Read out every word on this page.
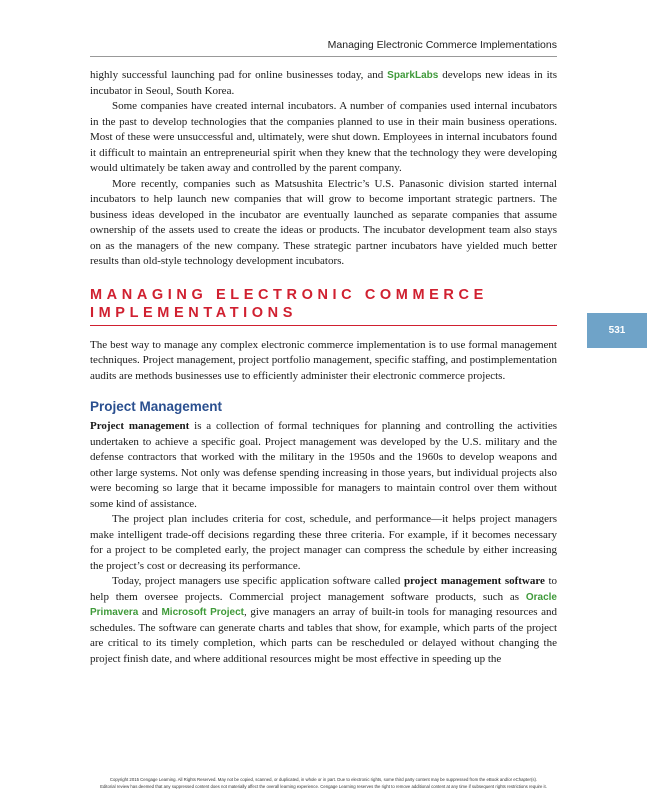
Managing Electronic Commerce Implementations
531

highly successful launching pad for online businesses today, and SparkLabs develops new ideas in its incubator in Seoul, South Korea.

Some companies have created internal incubators. A number of companies used internal incubators in the past to develop technologies that the companies planned to use in their main business operations. Most of these were unsuccessful and, ultimately, were shut down. Employees in internal incubators found it difficult to maintain an entrepreneurial spirit when they knew that the technology they were developing would ultimately be taken away and controlled by the parent company.

More recently, companies such as Matsushita Electric’s U.S. Panasonic division started internal incubators to help launch new companies that will grow to become important strategic partners. The business ideas developed in the incubator are eventually launched as separate companies that assume ownership of the assets used to create the ideas or products. The incubator development team also stays on as the managers of the new company. These strategic partner incubators have yielded much better results than old-style technology development incubators.

MANAGING ELECTRONIC COMMERCE IMPLEMENTATIONS

The best way to manage any complex electronic commerce implementation is to use formal management techniques. Project management, project portfolio management, specific staffing, and postimplementation audits are methods businesses use to efficiently administer their electronic commerce projects.

Project Management

Project management is a collection of formal techniques for planning and controlling the activities undertaken to achieve a specific goal. Project management was developed by the U.S. military and the defense contractors that worked with the military in the 1950s and the 1960s to develop weapons and other large systems. Not only was defense spending increasing in those years, but individual projects also were becoming so large that it became impossible for managers to maintain control over them without some kind of assistance.

The project plan includes criteria for cost, schedule, and performance—it helps project managers make intelligent trade-off decisions regarding these three criteria. For example, if it becomes necessary for a project to be completed early, the project manager can compress the schedule by either increasing the project’s cost or decreasing its performance.

Today, project managers use specific application software called project management software to help them oversee projects. Commercial project management software products, such as Oracle Primavera and Microsoft Project, give managers an array of built-in tools for managing resources and schedules. The software can generate charts and tables that show, for example, which parts of the project are critical to its timely completion, which parts can be rescheduled or delayed without changing the project finish date, and where additional resources might be most effective in speeding up the

Copyright 2015 Cengage Learning. All Rights Reserved. May not be copied, scanned, or duplicated, in whole or in part. Due to electronic rights, some third party content may be suppressed from the eBook and/or eChapter(s).
Editorial review has deemed that any suppressed content does not materially affect the overall learning experience. Cengage Learning reserves the right to remove additional content at any time if subsequent rights restrictions require it.
